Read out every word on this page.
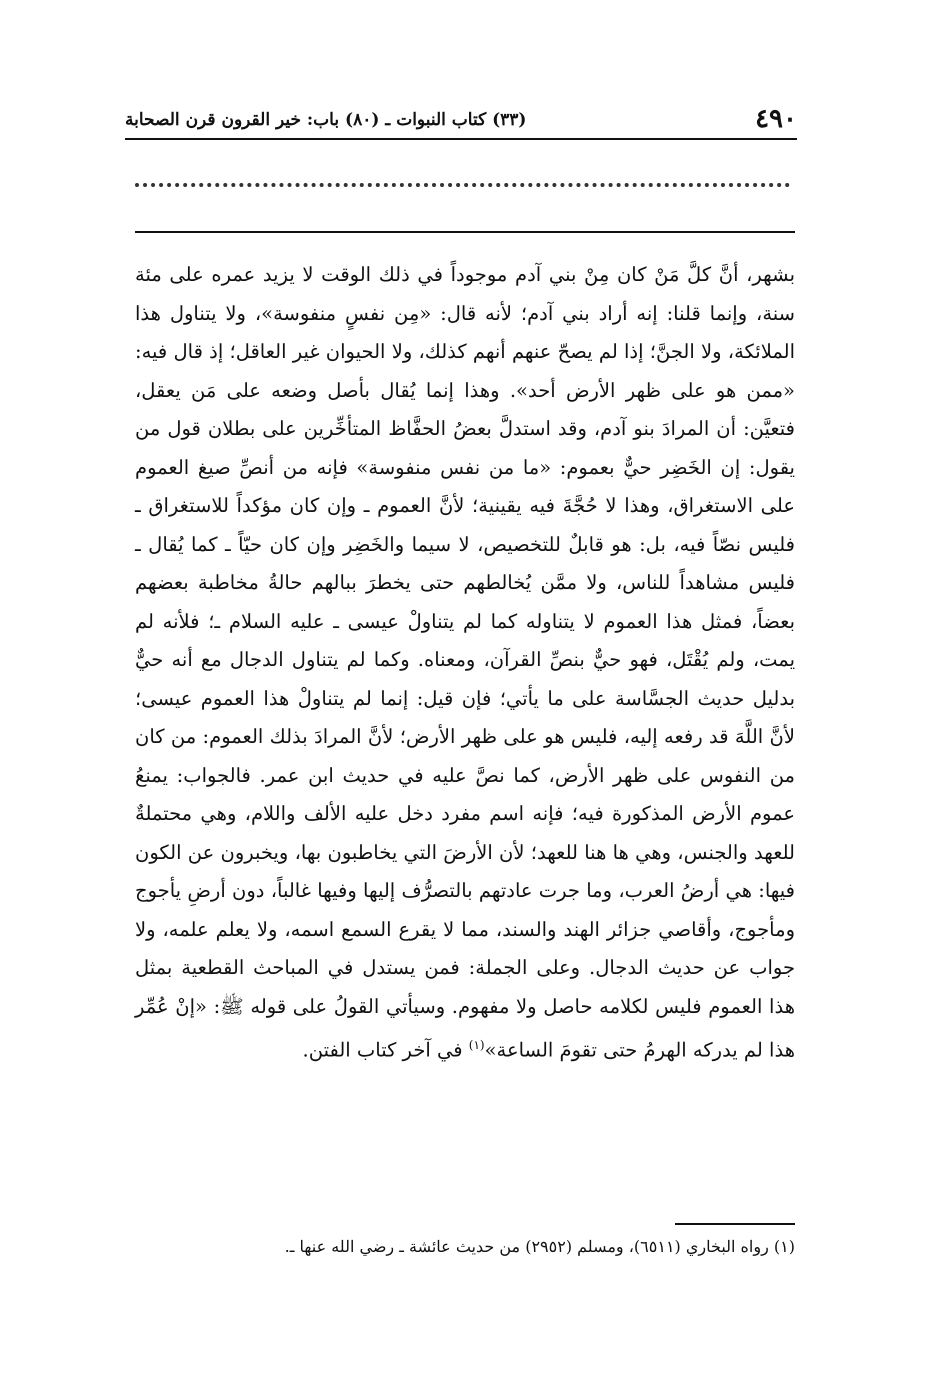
٤٩٠
(٣٣) كتاب النبوات ـ (٨٠) باب: خير القرون قرن الصحابة

بشهر، أنَّ كلَّ مَنْ كان مِنْ بني آدم موجوداً في ذلك الوقت لا يزيد عمره على مئة سنة، وإنما قلنا: إنه أراد بني آدم؛ لأنه قال: «مِن نفسٍ منفوسة»، ولا يتناول هذا الملائكة، ولا الجنَّ؛ إذا لم يصحّ عنهم أنهم كذلك، ولا الحيوان غير العاقل؛ إذ قال فيه: «ممن هو على ظهر الأرض أحد». وهذا إنما يُقال بأصل وضعه على مَن يعقل، فتعيَّن: أن المرادَ بنو آدم، وقد استدلَّ بعضُ الحفَّاظ المتأخِّرين على بطلان قول من يقول: إن الخَضِر حيٌّ بعموم: «ما من نفس منفوسة» فإنه من أنصِّ صيغ العموم على الاستغراق، وهذا لا حُجَّةَ فيه يقينية؛ لأنَّ العموم ـ وإن كان مؤكداً للاستغراق ـ فليس نصّاً فيه، بل: هو قابلٌ للتخصيص، لا سيما والخَضِر وإن كان حيّاً ـ كما يُقال ـ فليس مشاهداً للناس، ولا ممَّن يُخالطهم حتى يخطرَ ببالهم حالةُ مخاطبة بعضهم بعضاً، فمثل هذا العموم لا يتناوله كما لم يتناولْ عيسى ـ عليه السلام ـ؛ فلأنه لم يمت، ولم يُقْتَل، فهو حيٌّ بنصِّ القرآن، ومعناه. وكما لم يتناول الدجال مع أنه حيٌّ بدليل حديث الجسَّاسة على ما يأتي؛ فإن قيل: إنما لم يتناولْ هذا العموم عيسى؛ لأنَّ اللَّهَ قد رفعه إليه، فليس هو على ظهر الأرض؛ لأنَّ المرادَ بذلك العموم: من كان من النفوس على ظهر الأرض، كما نصَّ عليه في حديث ابن عمر. فالجواب: يمنعُ عموم الأرض المذكورة فيه؛ فإنه اسم مفرد دخل عليه الألف واللام، وهي محتملةٌ للعهد والجنس، وهي ها هنا للعهد؛ لأن الأرضَ التي يخاطبون بها، ويخبرون عن الكون فيها: هي أرضُ العرب، وما جرت عادتهم بالتصرُّف إليها وفيها غالباً، دون أرضِ يأجوج ومأجوج، وأقاصي جزائر الهند والسند، مما لا يقرع السمع اسمه، ولا يعلم علمه، ولا جواب عن حديث الدجال. وعلى الجملة: فمن يستدل في المباحث القطعية بمثل هذا العموم فليس لكلامه حاصل ولا مفهوم. وسيأتي القولُ على قوله ﷺ: «إنْ عُمِّر هذا لم يدركه الهرمُ حتى تقومَ الساعة»$^{(١)}$ في آخر كتاب الفتن.

(١) رواه البخاري (٦٥١١)، ومسلم (٢٩٥٢) من حديث عائشة ـ رضي الله عنها ـ.
